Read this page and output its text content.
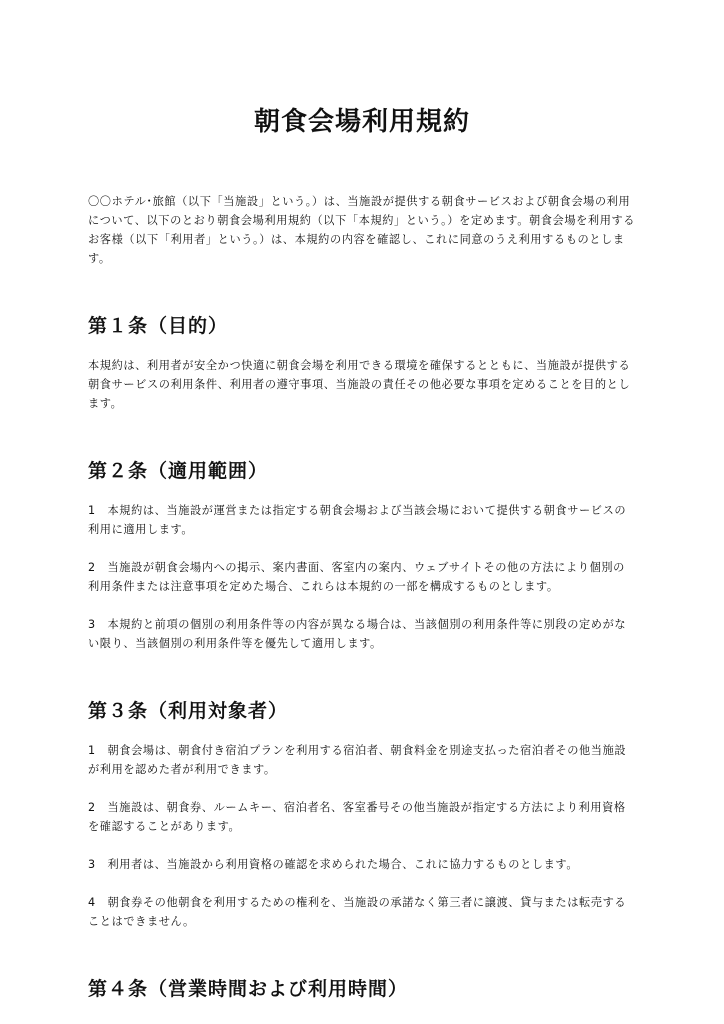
朝食会場利用規約

〇〇ホテル･旅館（以下「当施設」という。）は、当施設が提供する朝食サービスおよび朝食会場の利用について、以下のとおり朝食会場利用規約（以下「本規約」という。）を定めます。朝食会場を利用するお客様（以下「利用者」という。）は、本規約の内容を確認し、これに同意のうえ利用するものとします。

第１条（目的）

本規約は、利用者が安全かつ快適に朝食会場を利用できる環境を確保するとともに、当施設が提供する朝食サービスの利用条件、利用者の遵守事項、当施設の責任その他必要な事項を定めることを目的とします。

第２条（適用範囲）

1　本規約は、当施設が運営または指定する朝食会場および当該会場において提供する朝食サービスの利用に適用します。

2　当施設が朝食会場内への掲示、案内書面、客室内の案内、ウェブサイトその他の方法により個別の利用条件または注意事項を定めた場合、これらは本規約の一部を構成するものとします。

3　本規約と前項の個別の利用条件等の内容が異なる場合は、当該個別の利用条件等に別段の定めがない限り、当該個別の利用条件等を優先して適用します。

第３条（利用対象者）

1　朝食会場は、朝食付き宿泊プランを利用する宿泊者、朝食料金を別途支払った宿泊者その他当施設が利用を認めた者が利用できます。

2　当施設は、朝食券、ルームキー、宿泊者名、客室番号その他当施設が指定する方法により利用資格を確認することがあります。

3　利用者は、当施設から利用資格の確認を求められた場合、これに協力するものとします。

4　朝食券その他朝食を利用するための権利を、当施設の承諾なく第三者に譲渡、貸与または転売することはできません。

第４条（営業時間および利用時間）
